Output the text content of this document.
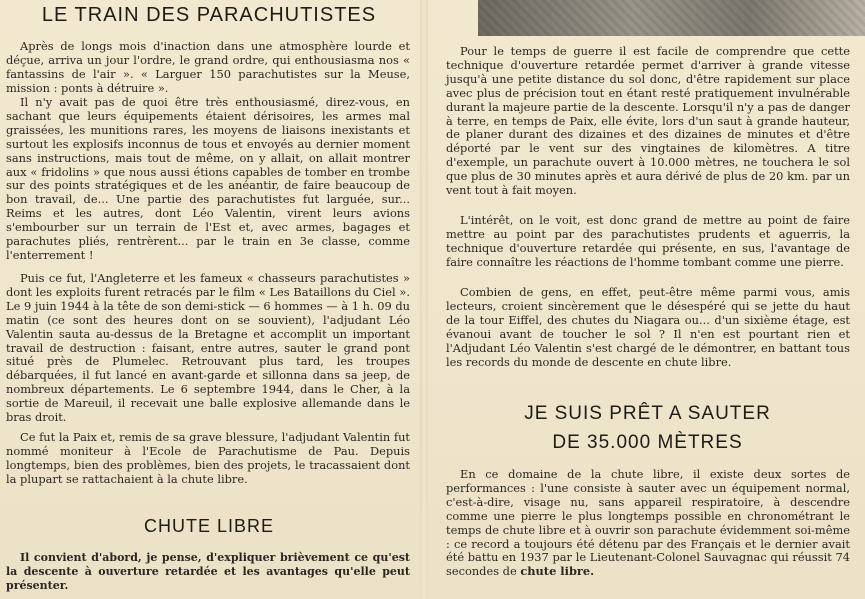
LE TRAIN DES PARACHUTISTES

Après de longs mois d'inaction dans une atmosphère lourde et déçue, arriva un jour l'ordre, le grand ordre, qui enthousiasma nos « fantassins de l'air ». « Larguer 150 parachutistes sur la Meuse, mission : ponts à détruire ».

Il n'y avait pas de quoi être très enthousiasmé, direz-vous, en sachant que leurs équipements étaient dérisoires, les armes mal graissées, les munitions rares, les moyens de liaisons inexistants et surtout les explosifs inconnus de tous et envoyés au dernier moment sans instructions, mais tout de même, on y allait, on allait montrer aux « fridolins » que nous aussi étions capables de tomber en trombe sur des points stratégiques et de les anéantir, de faire beaucoup de bon travail, de... Une partie des parachutistes fut larguée, sur... Reims et les autres, dont Léo Valentin, virent leurs avions s'embourber sur un terrain de l'Est et, avec armes, bagages et parachutes pliés, rentrèrent... par le train en 3e classe, comme l'enterrement !

Puis ce fut, l'Angleterre et les fameux « chasseurs parachutistes » dont les exploits furent retracés par le film « Les Bataillons du Ciel ». Le 9 juin 1944 à la tête de son demi-stick — 6 hommes — à 1 h. 09 du matin (ce sont des heures dont on se souvient), l'adjudant Léo Valentin sauta au-dessus de la Bretagne et accomplit un important travail de destruction : faisant, entre autres, sauter le grand pont situé près de Plumelec. Retrouvant plus tard, les troupes débarquées, il fut lancé en avant-garde et sillonna dans sa jeep, de nombreux départements. Le 6 septembre 1944, dans le Cher, à la sortie de Mareuil, il recevait une balle explosive allemande dans le bras droit.

Ce fut la Paix et, remis de sa grave blessure, l'adjudant Valentin fut nommé moniteur à l'Ecole de Parachutisme de Pau. Depuis longtemps, bien des problèmes, bien des projets, le tracassaient dont la plupart se rattachaient à la chute libre.

CHUTE LIBRE

Il convient d'abord, je pense, d'expliquer brièvement ce qu'est la descente à ouverture retardée et les avantages qu'elle peut présenter.

Pour le temps de guerre il est facile de comprendre que cette technique d'ouverture retardée permet d'arriver à grande vitesse jusqu'à une petite distance du sol donc, d'être rapidement sur place avec plus de précision tout en étant resté pratiquement invulnérable durant la majeure partie de la descente. Lorsqu'il n'y a pas de danger à terre, en temps de Paix, elle évite, lors d'un saut à grande hauteur, de planer durant des dizaines et des dizaines de minutes et d'être déporté par le vent sur des vingtaines de kilomètres. A titre d'exemple, un parachute ouvert à 10.000 mètres, ne touchera le sol que plus de 30 minutes après et aura dérivé de plus de 20 km. par un vent tout à fait moyen.

L'intérêt, on le voit, est donc grand de mettre au point de faire mettre au point par des parachutistes prudents et aguerris, la technique d'ouverture retardée qui présente, en sus, l'avantage de faire connaître les réactions de l'homme tombant comme une pierre.

Combien de gens, en effet, peut-être même parmi vous, amis lecteurs, croient sincèrement que le désespéré qui se jette du haut de la tour Eiffel, des chutes du Niagara ou... d'un sixième étage, est évanoui avant de toucher le sol ? Il n'en est pourtant rien et l'Adjudant Léo Valentin s'est chargé de le démontrer, en battant tous les records du monde de descente en chute libre.

JE SUIS PRÊT A SAUTER
DE 35.000 MÈTRES

En ce domaine de la chute libre, il existe deux sortes de performances : l'une consiste à sauter avec un équipement normal, c'est-à-dire, visage nu, sans appareil respiratoire, à descendre comme une pierre le plus longtemps possible en chronométrant le temps de chute libre et à ouvrir son parachute évidemment soi-même : ce record a toujours été détenu par des Français et le dernier avait été battu en 1937 par le Lieutenant-Colonel Sauvagnac qui réussit 74 secondes de chute libre.
